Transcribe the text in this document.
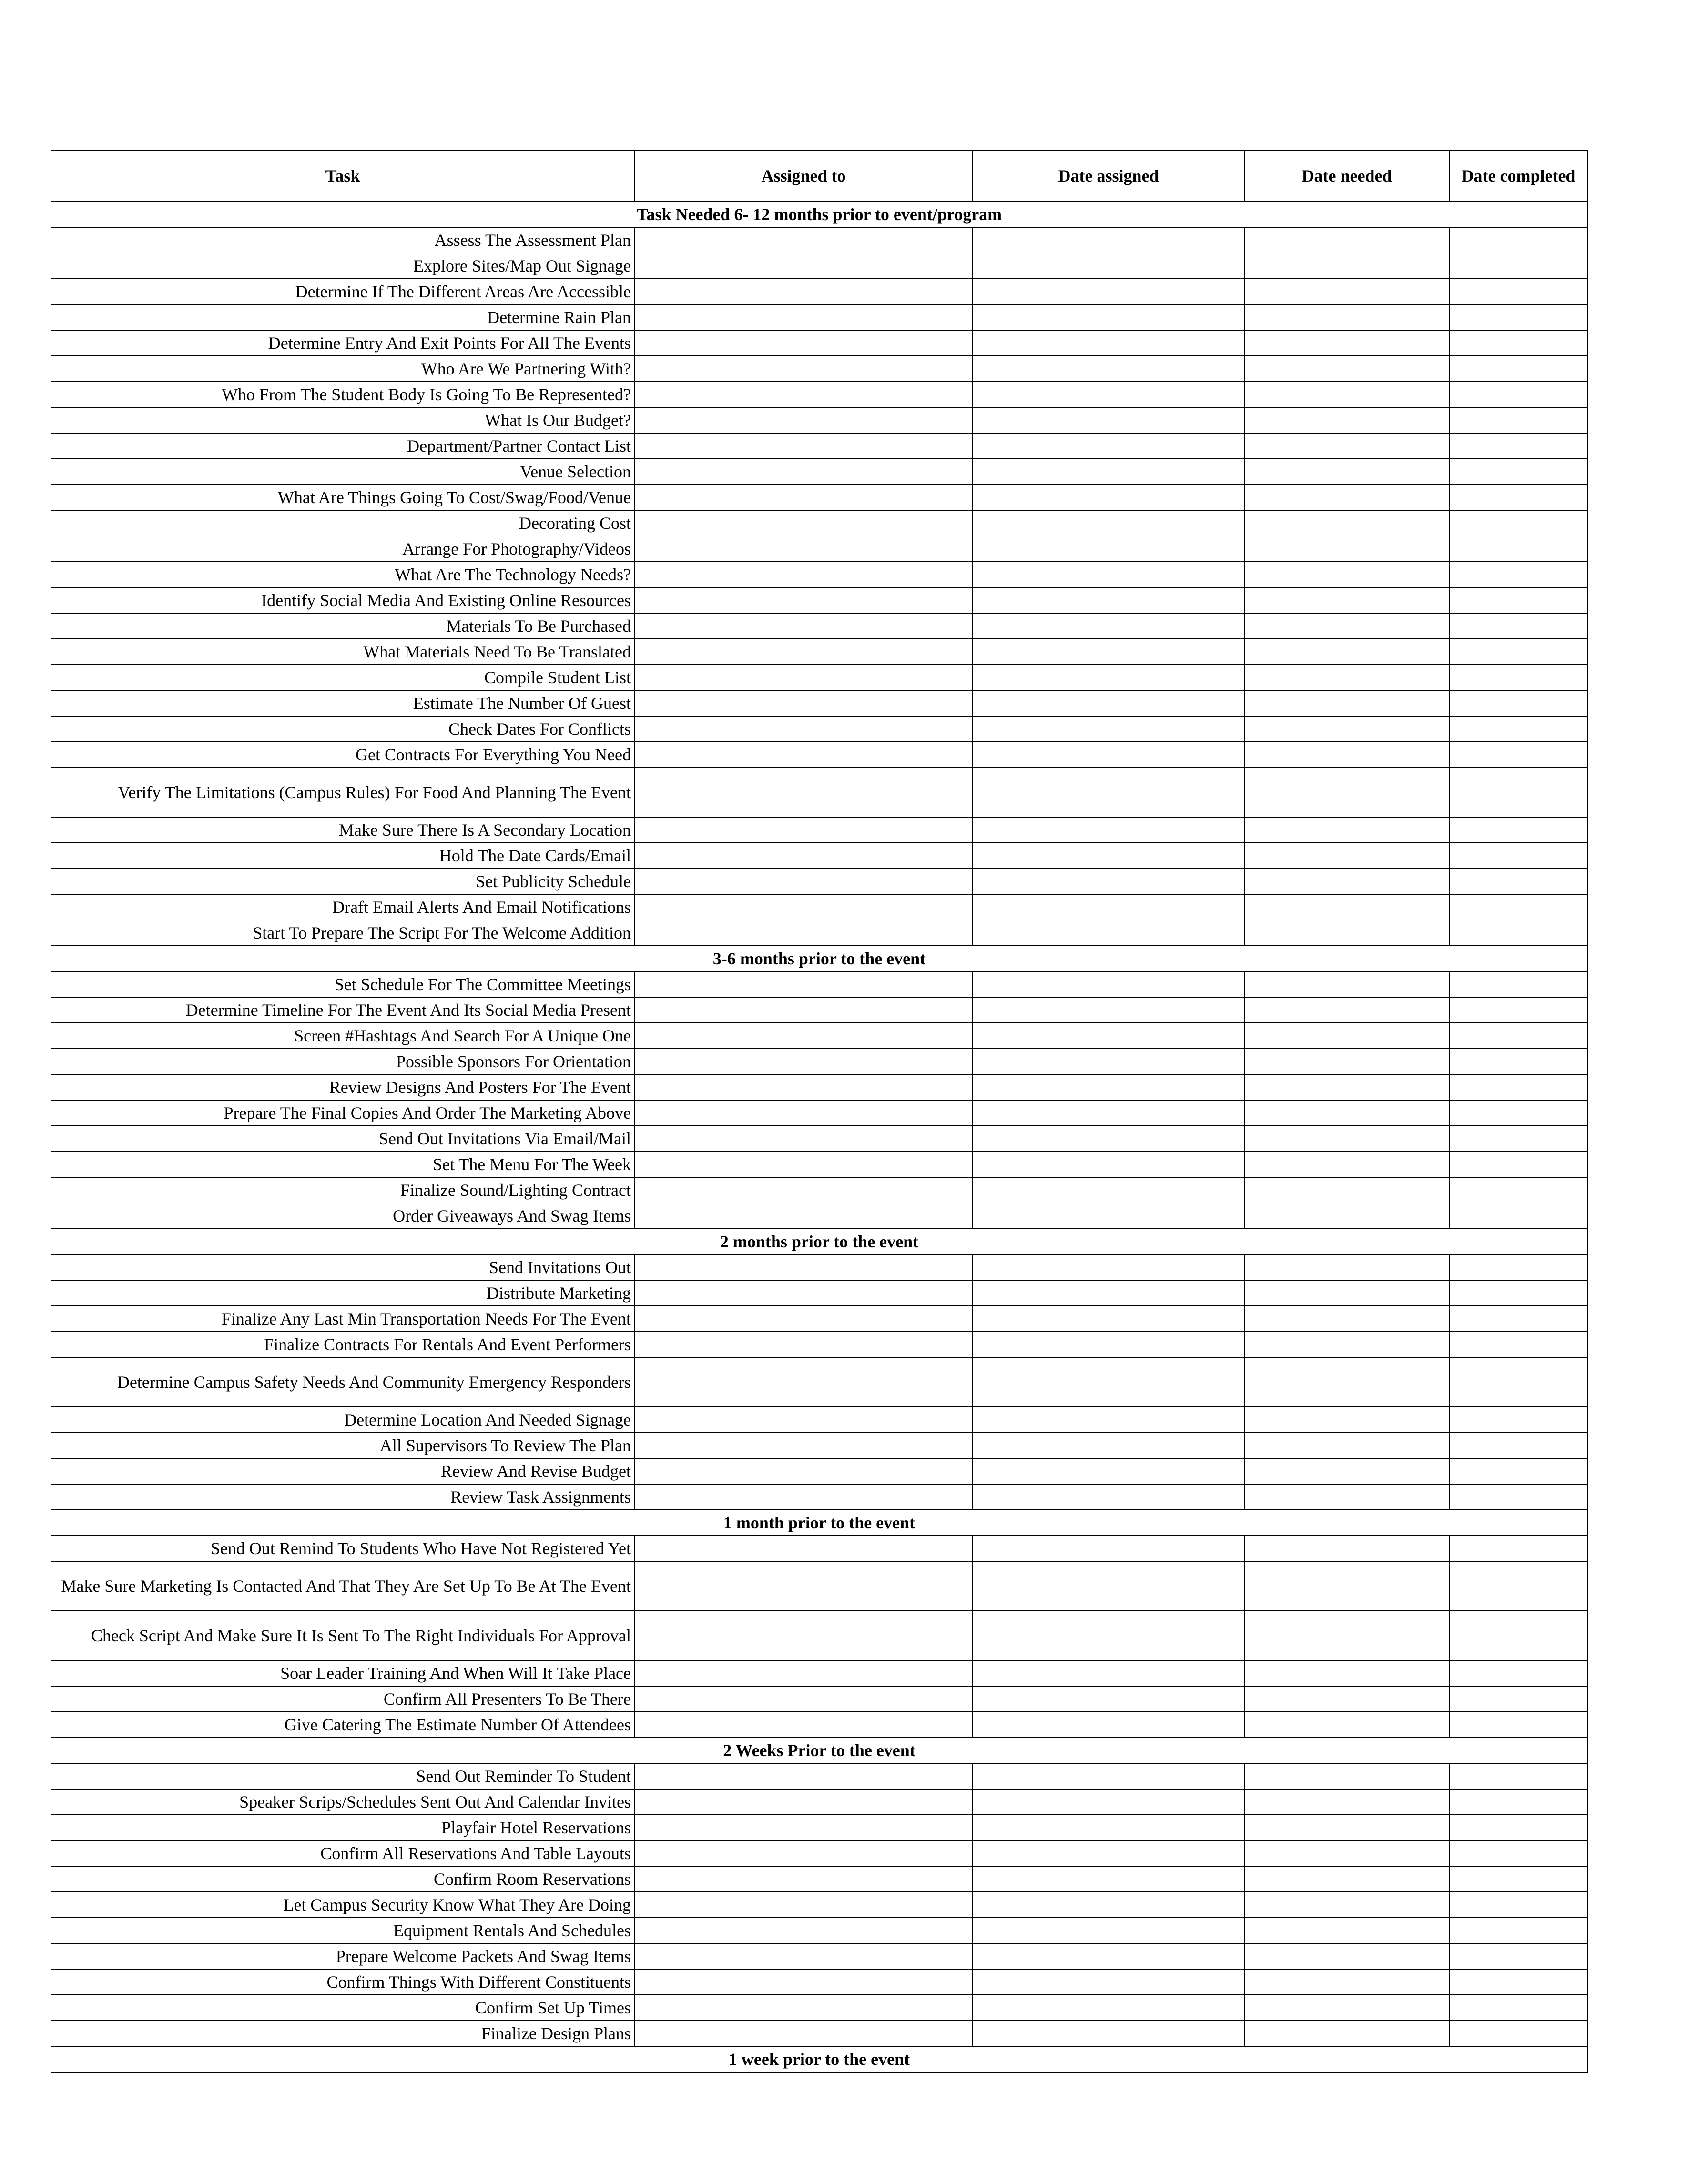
Task	Assigned to	Date assigned	Date needed	Date completed
Task Needed 6- 12 months prior to event/program				
Assess The Assessment Plan				
Explore Sites/Map Out Signage				
Determine If The Different Areas Are Accessible				
Determine Rain Plan				
Determine Entry And Exit Points For All The Events				
Who Are We Partnering With?				
Who From The Student Body Is Going To Be Represented?				
What Is Our Budget?				
Department/Partner Contact List				
Venue Selection				
What Are Things Going To Cost/Swag/Food/Venue				
Decorating Cost				
Arrange For Photography/Videos				
What Are The Technology Needs?				
Identify Social Media And Existing Online Resources				
Materials To Be Purchased				
What Materials Need To Be Translated				
Compile Student List				
Estimate The Number Of Guest				
Check Dates For Conflicts				
Get Contracts For Everything You Need				
Verify The Limitations (Campus Rules) For Food And Planning The Event				
Make Sure There Is A Secondary Location				
Hold The Date Cards/Email				
Set Publicity Schedule				
Draft Email Alerts And Email Notifications				
Start To Prepare The Script For The Welcome Addition				
3-6 months prior to the event				
Set Schedule For The Committee Meetings				
Determine Timeline For The Event And Its Social Media Present				
Screen #Hashtags And Search For A Unique One				
Possible Sponsors For Orientation				
Review Designs And Posters For The Event				
Prepare The Final Copies And Order The Marketing Above				
Send Out Invitations Via Email/Mail				
Set The Menu For The Week				
Finalize Sound/Lighting Contract				
Order Giveaways And Swag Items				
2 months prior to the event				
Send Invitations Out				
Distribute Marketing				
Finalize Any Last Min Transportation Needs For The Event				
Finalize Contracts For Rentals And Event Performers				
Determine Campus Safety Needs And Community Emergency Responders				
Determine Location And Needed Signage				
All Supervisors To Review The Plan				
Review And Revise Budget				
Review Task Assignments				
1 month prior to the event				
Send Out Remind To Students Who Have Not Registered Yet				
Make Sure Marketing Is Contacted And That They Are Set Up To Be At The Event				
Check Script And Make Sure It Is Sent To The Right Individuals For Approval				
Soar Leader Training And When Will It Take Place				
Confirm All Presenters To Be There				
Give Catering The Estimate Number Of Attendees				
2 Weeks Prior to the event				
Send Out Reminder To Student				
Speaker Scrips/Schedules Sent Out And Calendar Invites				
Playfair Hotel Reservations				
Confirm All Reservations And Table Layouts				
Confirm Room Reservations				
Let Campus Security Know What They Are Doing				
Equipment Rentals And Schedules				
Prepare Welcome Packets And Swag Items				
Confirm Things With Different Constituents				
Confirm Set Up Times				
Finalize Design Plans				
1 week prior to the event				
